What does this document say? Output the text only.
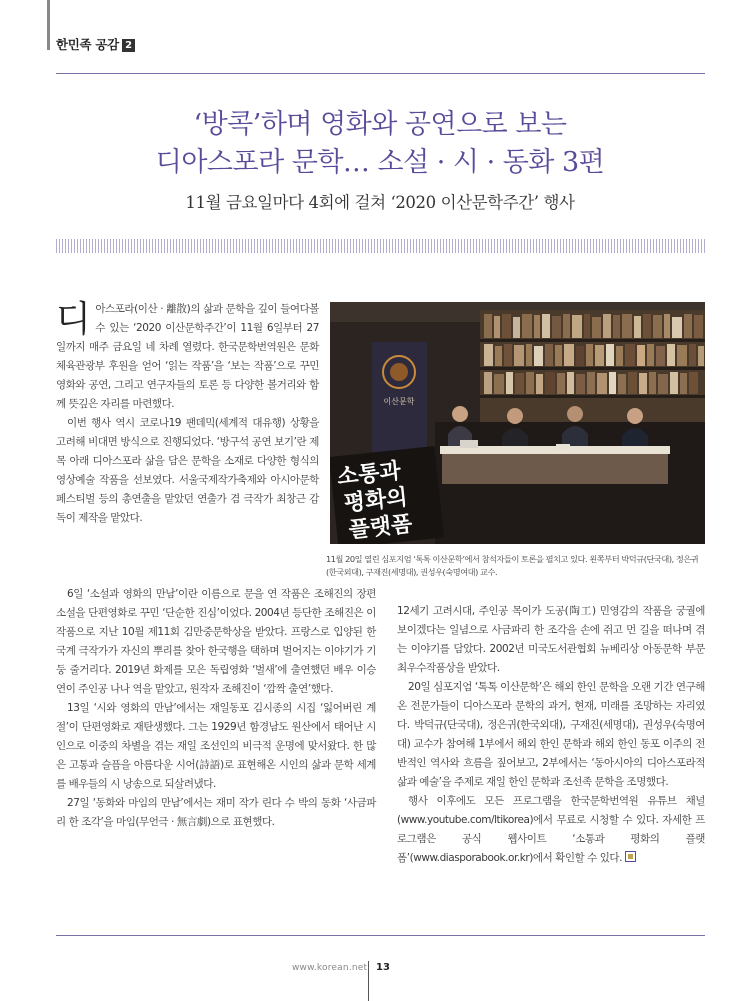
한민족 공감 2
‘방콕’하며 영화와 공연으로 보는
디아스포라 문학… 소설 · 시 · 동화 3편
11월 금요일마다 4회에 걸쳐 ‘2020 이산문학주간’ 행사

디아스포라(이산 · 離散)의 삶과 문학을 깊이 들여다볼 수 있는 ‘2020 이산문학주간’이 11월 6일부터 27일까지 매주 금요일 네 차례 열렸다. 한국문학번역원은 문화체육관광부 후원을 얻어 ‘읽는 작품’을 ‘보는 작품’으로 꾸민 영화와 공연, 그리고 연구자들의 토론 등 다양한 볼거리와 함께 뜻깊은 자리를 마련했다.

이번 행사 역시 코로나19 팬데믹(세계적 대유행) 상황을 고려해 비대면 방식으로 진행되었다. ‘방구석 공연 보기’란 제목 아래 디아스포라 삶을 담은 문학을 소재로 다양한 형식의 영상예술 작품을 선보였다. 서울국제작가축제와 아시아문학페스티벌 등의 총연출을 맡았던 연출가 겸 극작가 최창근 감독이 제작을 맡았다.

이산문학
소통과
평화의
플랫폼
11월 20일 열린 심포지엄 ‘톡톡 이산문학’에서 참석자들이 토론을 펼치고 있다. 왼쪽부터 박덕규(단국대), 정은귀(한국외대), 구재진(세명대), 권성우(숙명여대) 교수.

6일 ‘소설과 영화의 만남’이란 이름으로 문을 연 작품은 조해진의 장편소설을 단편영화로 꾸민 ‘단순한 진심’이었다. 2004년 등단한 조해진은 이 작품으로 지난 10월 제11회 김만중문학상을 받았다. 프랑스로 입양된 한국계 극작가가 자신의 뿌리를 찾아 한국행을 택하며 벌어지는 이야기가 기둥 줄거리다. 2019년 화제를 모은 독립영화 ‘벌새’에 출연했던 배우 이승연이 주인공 나나 역을 맡았고, 원작자 조해진이 ‘깜짝 출연’했다.

13일 ‘시와 영화의 만남’에서는 재일동포 김시종의 시집 ‘잃어버린 계절’이 단편영화로 재탄생했다. 그는 1929년 함경남도 원산에서 태어난 시인으로 이중의 차별을 겪는 재일 조선인의 비극적 운명에 맞서왔다. 한 많은 고통과 슬픔을 아름다운 시어(詩語)로 표현해온 시인의 삶과 문학 세계를 배우들의 시 낭송으로 되살려냈다.

27일 ‘동화와 마임의 만남’에서는 재미 작가 린다 수 박의 동화 ‘사금파리 한 조각’을 마임(무언극 · 無言劇)으로 표현했다.

12세기 고려시대, 주인공 목이가 도공(陶工) 민영감의 작품을 궁궐에 보이겠다는 일념으로 사금파리 한 조각을 손에 쥐고 먼 길을 떠나며 겪는 이야기를 담았다. 2002년 미국도서관협회 뉴베리상 아동문학 부문 최우수작품상을 받았다.

20일 심포지엄 ‘톡톡 이산문학’은 해외 한인 문학을 오랜 기간 연구해온 전문가들이 디아스포라 문학의 과거, 현재, 미래를 조망하는 자리였다. 박덕규(단국대), 정은귀(한국외대), 구재진(세명대), 권성우(숙명여대) 교수가 참여해 1부에서 해외 한인 문학과 해외 한인 동포 이주의 전반적인 역사와 흐름을 짚어보고, 2부에서는 ‘동아시아의 디아스포라적 삶과 예술’을 주제로 재일 한인 문학과 조선족 문학을 조명했다.

행사 이후에도 모든 프로그램을 한국문학번역원 유튜브 채널(www.youtube.com/ltikorea)에서 무료로 시청할 수 있다. 자세한 프로그램은 공식 웹사이트 ‘소통과 평화의 플랫폼’(www.diasporabook.or.kr)에서 확인할 수 있다.

www.korean.net 13
